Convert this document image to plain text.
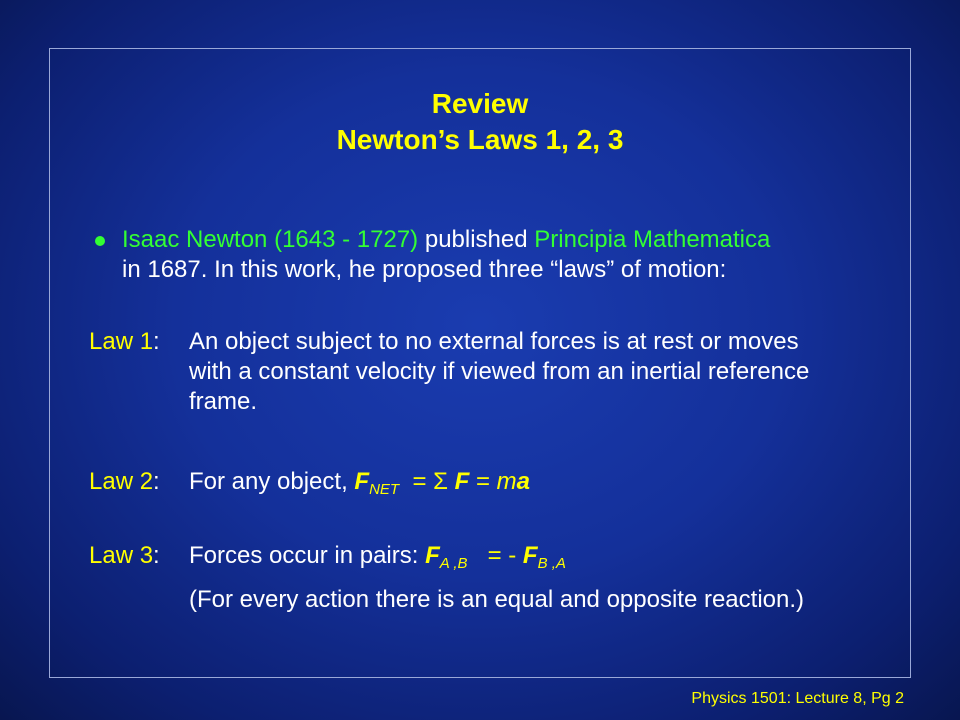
Review
Newton’s Laws 1, 2, 3
Isaac Newton (1643 - 1727) published Principia Mathematica
in 1687. In this work, he proposed three “laws” of motion:
Law 1: An object subject to no external forces is at rest or moves
with a constant velocity if viewed from an inertial reference
frame.
Law 2: For any object, $F_{NET} = \Sigma$ F = ma
Law 3: Forces occur in pairs: $F_{A ,B}$ = - $F_{B ,A}$
(For every action there is an equal and opposite reaction.)
Physics 1501: Lecture 8, Pg 2
